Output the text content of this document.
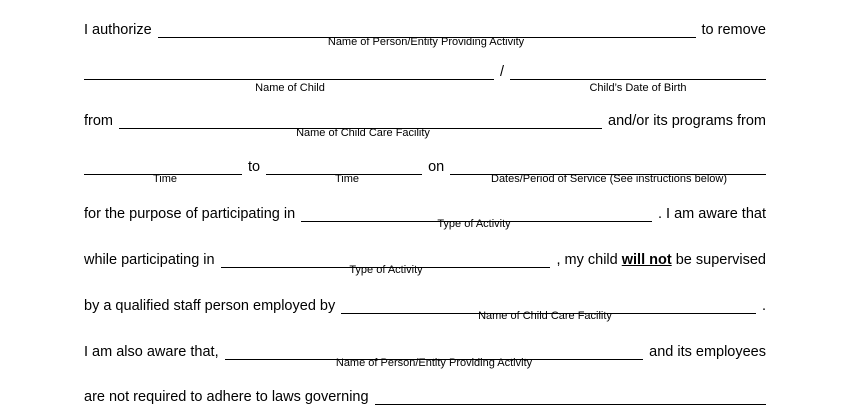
I authorize	to remove
Name of Person/Entity Providing Activity
/
Name of Child	Child’s Date of Birth
from	and/or its programs from
Name of Child Care Facility
to	on
Time	Time	Dates/Period of Service (See instructions below)
for the purpose of participating in	. I am aware that
Type of Activity
while participating in	, my child
will not
be supervised
Type of Activity
by a qualified staff person employed by	.
Name of Child Care Facility
I am also aware that,	and its employees
Name of Person/Entity Providing Activity
are not required to adhere to laws governing
